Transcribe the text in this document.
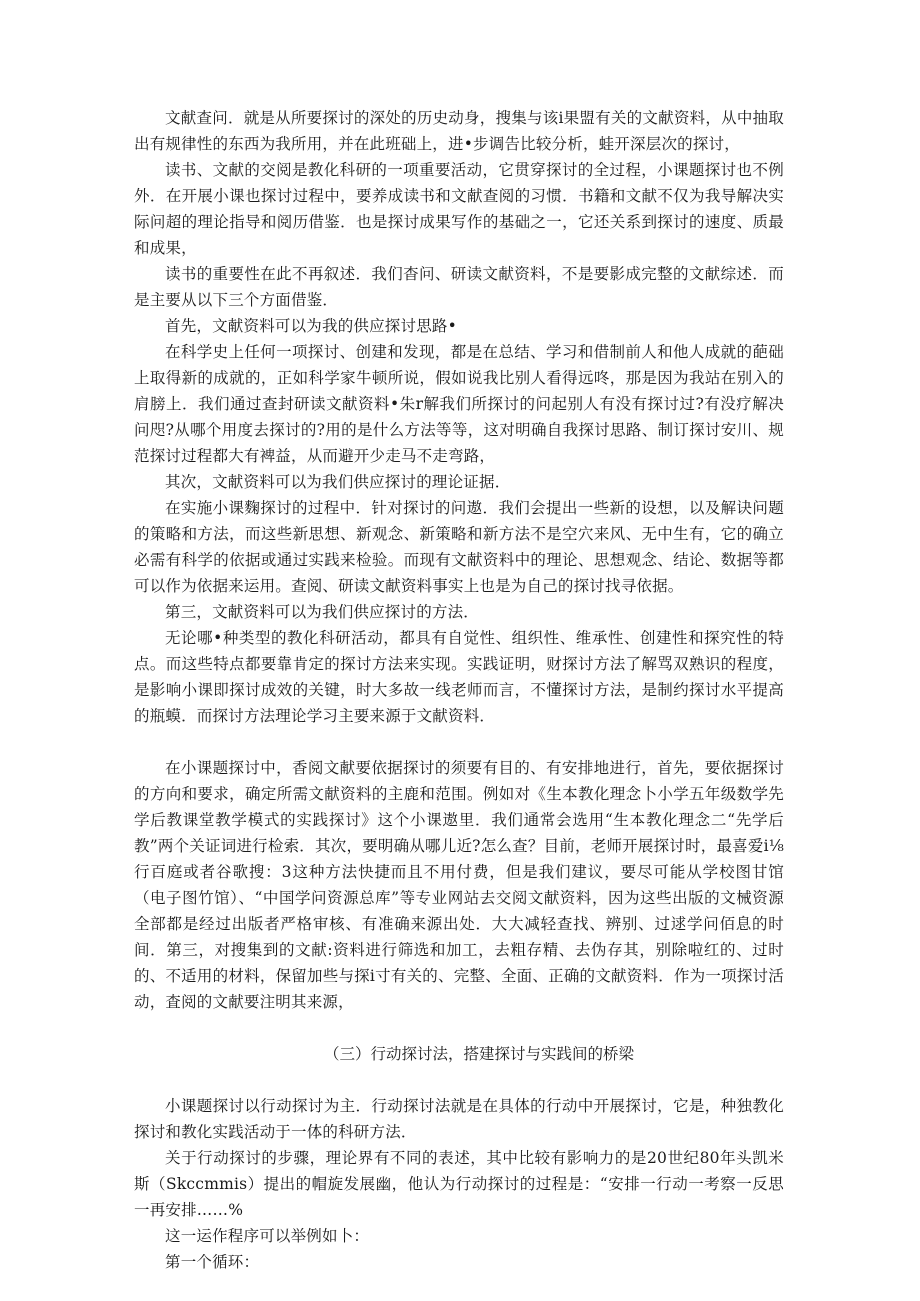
文献查问．就是从所要探讨的深处的历史动身，搜集与该i果盟有关的文献资料，从中抽取出有规律性的东西为我所用，并在此班础上，进•步调告比较分析，蛙开深层次的探讨，

读书、文献的交阅是教化科研的一项重要活动，它贯穿探讨的全过程，小课题探讨也不例外．在开展小课也探讨过程中，要养成读书和文献查阅的习惯．书籍和文献不仅为我导解决实际问超的理论指导和阅历借鉴．也是探讨成果写作的基础之一，它还关系到探讨的速度、质最和成果，

读书的重要性在此不再叙述．我们杳问、研读文献资料，不是要影成完整的文献综述．而是主要从以下三个方面借鉴．

首先，文献资料可以为我的供应探讨思路•

在科学史上任何一项探讨、创建和发现，都是在总结、学习和借制前人和他人成就的葩础上取得新的成就的，正如科学家牛顿所说，假如说我比别人看得远咚，那是因为我站在别入的肩膀上．我们通过查封研读文献资料•朱r解我们所探讨的问起别人有没有探讨过?有没疗解决问咫?从哪个用度去探讨的?用的是什么方法等等，这对明确自我探讨思路、制订探讨安川、规范探讨过程都大有裨益，从而避开少走马不走弯路，

其次，文献资料可以为我们供应探讨的理论证据．

在实施小课麴探讨的过程中．针对探讨的问遨．我们会提出一些新的设想，以及解诀问题的策略和方法，而这些新思想、新观念、新策略和新方法不是空穴来风、无中生有，它的确立必需有科学的依据或通过实践来检验。而现有文献资料中的理论、思想观念、结论、数据等都可以作为依据来运用。查阅、研读文献资料事实上也是为自己的探讨找寻依据。

第三，文献资料可以为我们供应探讨的方法．

无论哪•种类型的教化科研活动，都具有自觉性、组织性、维承性、创建性和探究性的特点。而这些特点都要靠肯定的探讨方法来实现。实践证明，财探讨方法了解骂双熟识的程度，是影响小课即探讨成效的关键，时大多故一线老师而言，不懂探讨方法，是制约探讨水平提高的瓶蟆．而探讨方法理论学习主要来源于文献资料．

在小课题探讨中，香阅文献要依据探讨的须要有目的、有安排地进行，首先，要依据探讨的方向和要求，确定所需文献资料的主鹿和范围。例如对《生本教化理念卜小学五年级数学先学后教课堂教学模式的实践探讨》这个小课遨里．我们通常会选用“生本教化理念二“先学后教”两个关证词进行检索．其次，要明确从哪儿近?怎么查？目前，老师开展探讨时，最喜爱i⅛行百庭或者谷歌搜：3这种方法快捷而且不用付费，但是我们建议，要尽可能从学校图甘馆（电子图竹馆）、“中国学问资源总库”等专业网站去交阅文献资料，因为这些出版的文械资源全部都是经过出版者严格审核、有准确来源出处．大大减轻查找、辨别、过逑学问佰息的时间．第三，对搜集到的文献:资料进行筛选和加工，去粗存精、去伪存其，别除啦红的、过时的、不适用的材料，保留加些与探i寸有关的、完整、全面、正确的文献资料．作为一项探讨活动，査阅的文献要注明其来源，

（三）行动探讨法，搭建探讨与实践间的桥梁

小课题探讨以行动探讨为主．行动探讨法就是在具体的行动中开展探讨，它是，种独教化探讨和教化实践活动于一体的科研方法．

关于行动探讨的步骤，理论界有不同的表述，其中比较有影响力的是20世纪80年头凯米斯（Skccmmis）提出的帽旋发展幽，他认为行动探讨的过程是：“安排一行动一考察一反思一再安排……%

这一运作程序可以举例如卜：

第一个循环：
